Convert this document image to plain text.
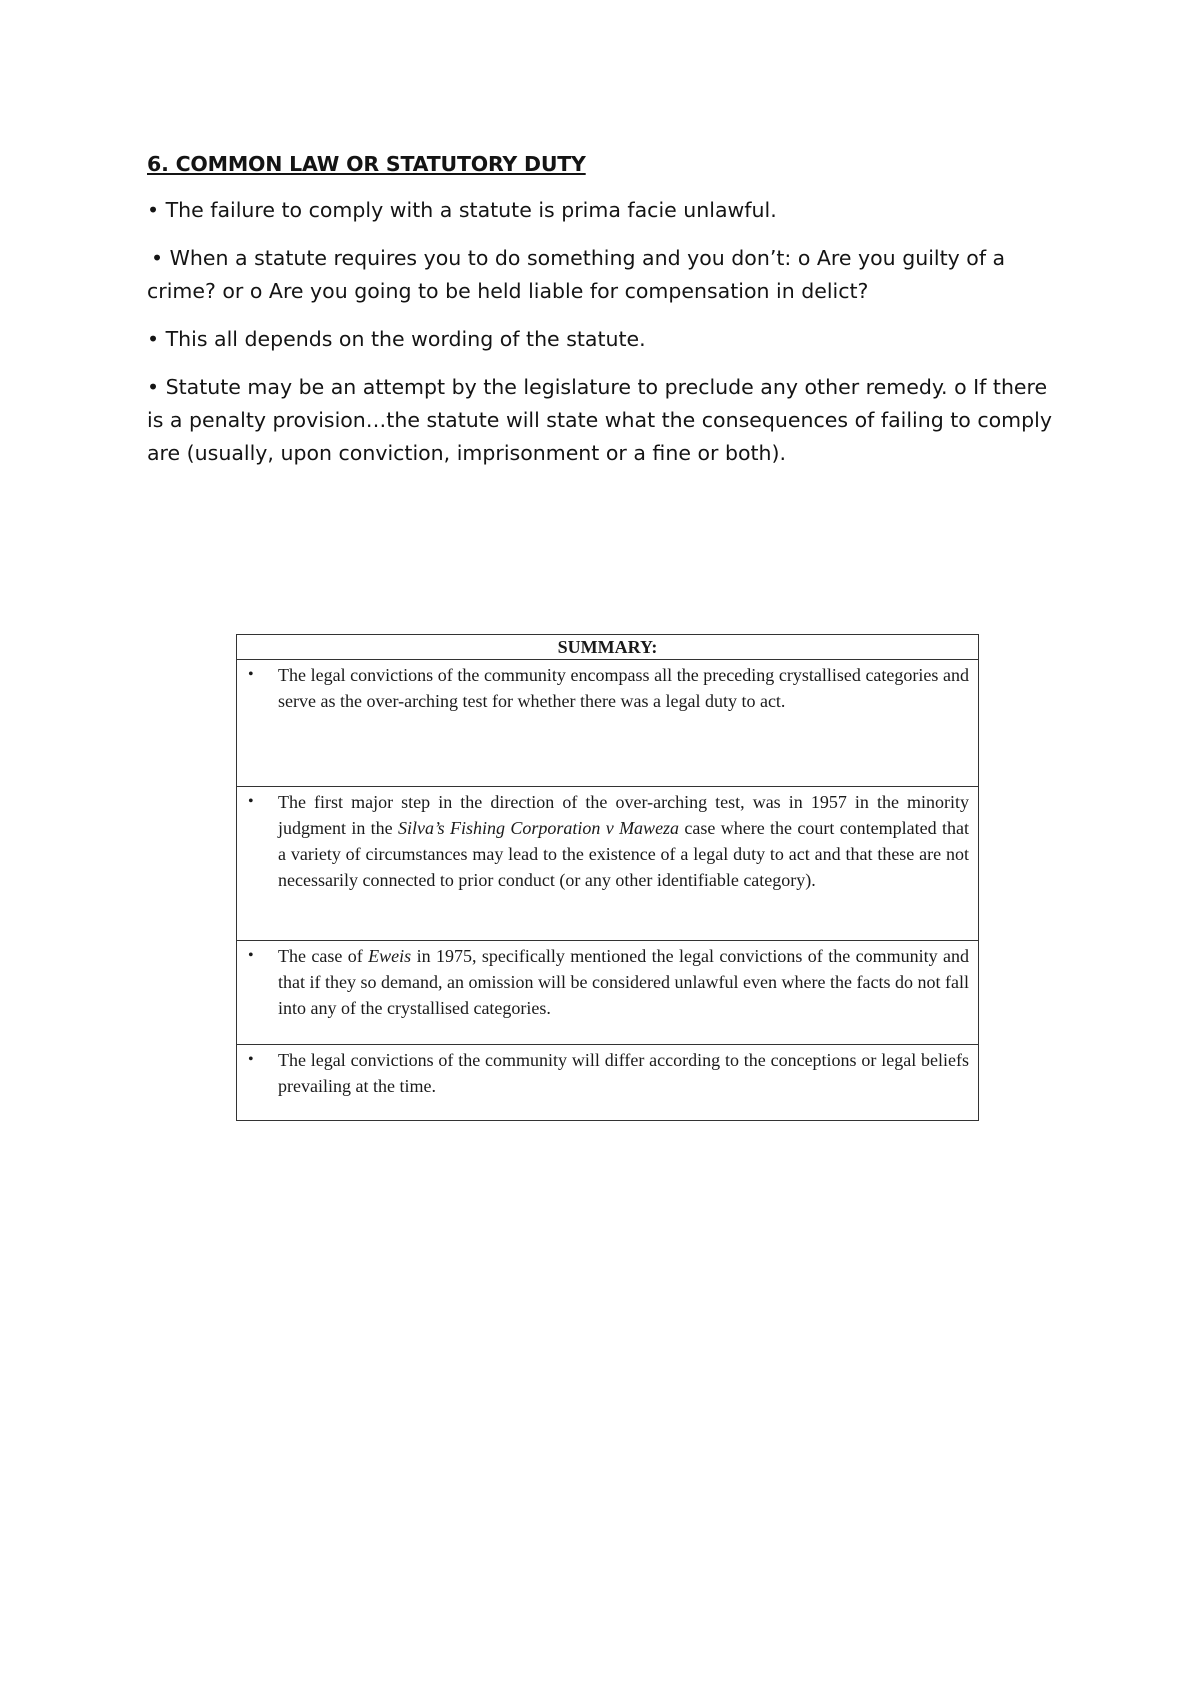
6. COMMON LAW OR STATUTORY DUTY

• The failure to comply with a statute is prima facie unlawful.

• When a statute requires you to do something and you don’t: o Are you guilty of a crime? or o Are you going to be held liable for compensation in delict?

• This all depends on the wording of the statute.

• Statute may be an attempt by the legislature to preclude any other remedy. o If there is a penalty provision…the statute will state what the consequences of failing to comply are (usually, upon conviction, imprisonment or a fine or both).

SUMMARY:

•	The legal convictions of the community encompass all the preceding crystallised categories and serve as the over-arching test for whether there was a legal duty to act.

•	The first major step in the direction of the over-arching test, was in 1957 in the minority judgment in the Silva’s Fishing Corporation v Maweza case where the court contemplated that a variety of circumstances may lead to the existence of a legal duty to act and that these are not necessarily connected to prior conduct (or any other identifiable category).

•	The case of Eweis in 1975, specifically mentioned the legal convictions of the community and that if they so demand, an omission will be considered unlawful even where the facts do not fall into any of the crystallised categories.

•	The legal convictions of the community will differ according to the conceptions or legal beliefs prevailing at the time.
